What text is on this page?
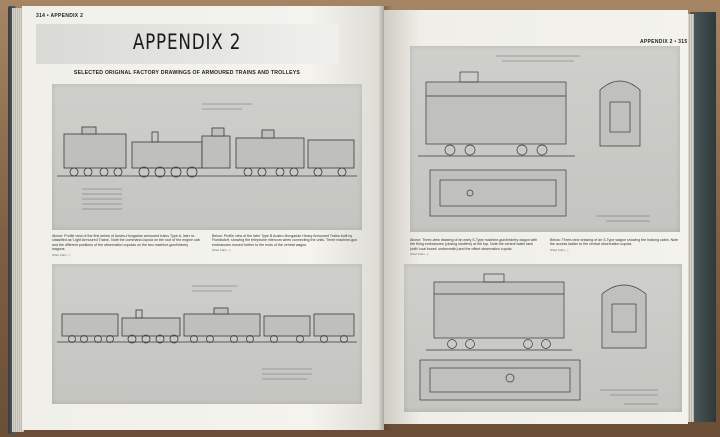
314 • APPENDIX 2
APPENDIX 2
SELECTED ORIGINAL FACTORY DRAWINGS OF ARMOURED TRAINS AND TROLLEYS
Above: Profile view of the first series of Austro-Hungarian armoured trains Type A, later re-classified as 'Light Armoured Trains'. Note the command cupola on the roof of the engine cab and the different positions of the observation cupolas on the two machine-gun/infantry wagons.
(Paul Kuhn...)
Below: Profile view of the later Type B Austro-Hungarian Heavy Armoured Trains built by Floridsdorf, showing the telephone intercom wires connecting the units. Three machine-gun embrasures moved further to the ends of the central wagon.
(Paul Kuhn...)
APPENDIX 2 • 315
Above: Three-view drawing of an early S-Type machine-gun/infantry wagon with the firing embrasures (closing shutters) at the top. Note the central water tank (with 'coal boxes' underneath) and the offset observation cupola.
(Paul Kuhn...)
Below: Three-view drawing of an S-Type wagon showing the braking cabin. Note the access ladder to the central observation cupola.
(Paul Kuhn...)
